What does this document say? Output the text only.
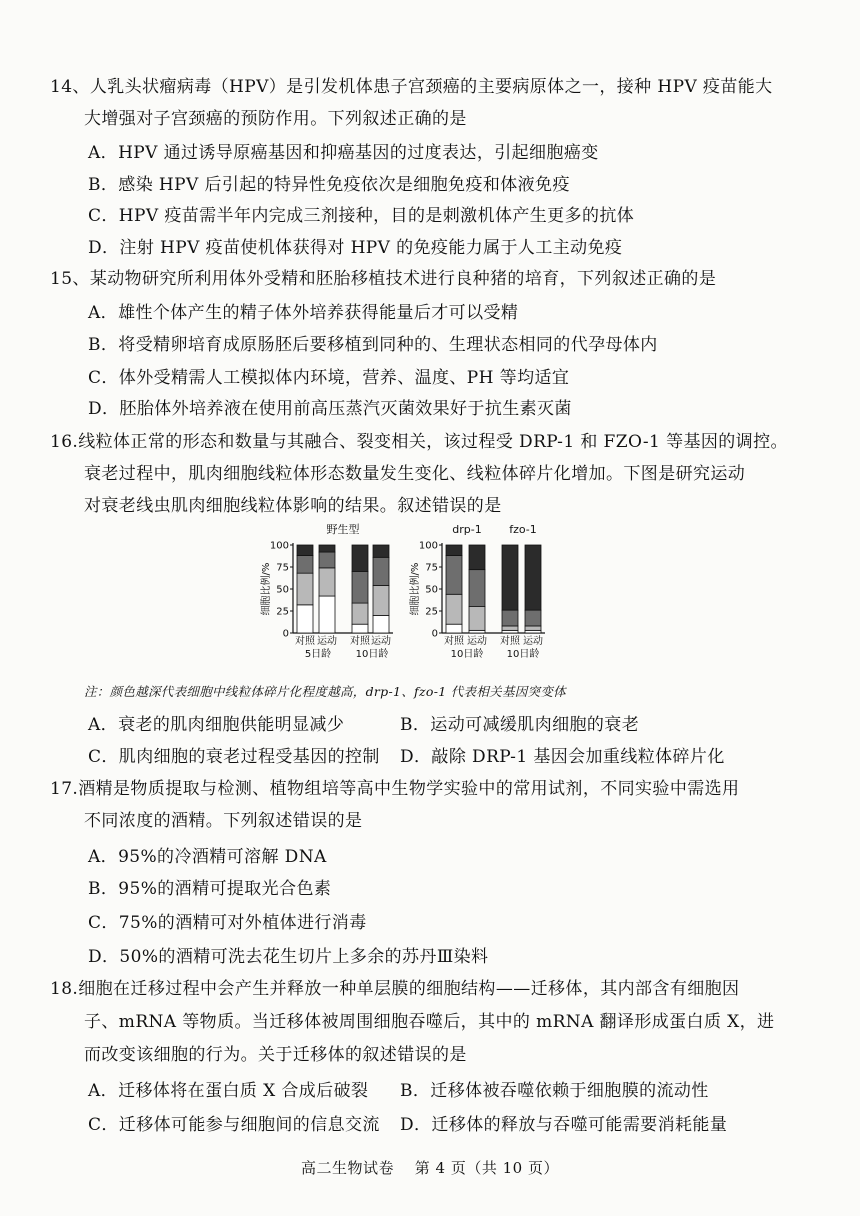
14、人乳头状瘤病毒（HPV）是引发机体患子宫颈癌的主要病原体之一，接种 HPV 疫苗能大
大增强对子宫颈癌的预防作用。下列叙述正确的是
A．HPV 通过诱导原癌基因和抑癌基因的过度表达，引起细胞癌变
B．感染 HPV 后引起的特异性免疫依次是细胞免疫和体液免疫
C．HPV 疫苗需半年内完成三剂接种，目的是刺激机体产生更多的抗体
D．注射 HPV 疫苗使机体获得对 HPV 的免疫能力属于人工主动免疫
15、某动物研究所利用体外受精和胚胎移植技术进行良种猪的培育，下列叙述正确的是
A．雄性个体产生的精子体外培养获得能量后才可以受精
B．将受精卵培育成原肠胚后要移植到同种的、生理状态相同的代孕母体内
C．体外受精需人工模拟体内环境，营养、温度、PH 等均适宜
D．胚胎体外培养液在使用前高压蒸汽灭菌效果好于抗生素灭菌
16.线粒体正常的形态和数量与其融合、裂变相关，该过程受 DRP-1 和 FZO-1 等基因的调控。
衰老过程中，肌肉细胞线粒体形态数量发生变化、线粒体碎片化增加。下图是研究运动
对衰老线虫肌肉细胞线粒体影响的结果。叙述错误的是
细胞比例/%
0
25
50
75
100
对照 运动 对照 运动
5日龄 10日龄
野生型
细胞比例/%
0
25
50
75
100
对照 运动 对照 运动
10日龄 10日龄
drp-1 fzo-1
注：颜色越深代表细胞中线粒体碎片化程度越高，drp-1、fzo-1 代表相关基因突变体
A．衰老的肌肉细胞供能明显减少	B．运动可减缓肌肉细胞的衰老
C．肌肉细胞的衰老过程受基因的控制 D．敲除 DRP-1 基因会加重线粒体碎片化
17.酒精是物质提取与检测、植物组培等高中生物学实验中的常用试剂，不同实验中需选用
不同浓度的酒精。下列叙述错误的是
A．95%的冷酒精可溶解 DNA
B．95%的酒精可提取光合色素
C．75%的酒精可对外植体进行消毒
D．50%的酒精可洗去花生切片上多余的苏丹Ⅲ染料
18.细胞在迁移过程中会产生并释放一种单层膜的细胞结构——迁移体，其内部含有细胞因
子、mRNA 等物质。当迁移体被周围细胞吞噬后，其中的 mRNA 翻译形成蛋白质 X，进
而改变该细胞的行为。关于迁移体的叙述错误的是
A．迁移体将在蛋白质 X 合成后破裂 B．迁移体被吞噬依赖于细胞膜的流动性
C．迁移体可能参与细胞间的信息交流 D．迁移体的释放与吞噬可能需要消耗能量
高二生物试卷　 第 4 页（共 10 页）
